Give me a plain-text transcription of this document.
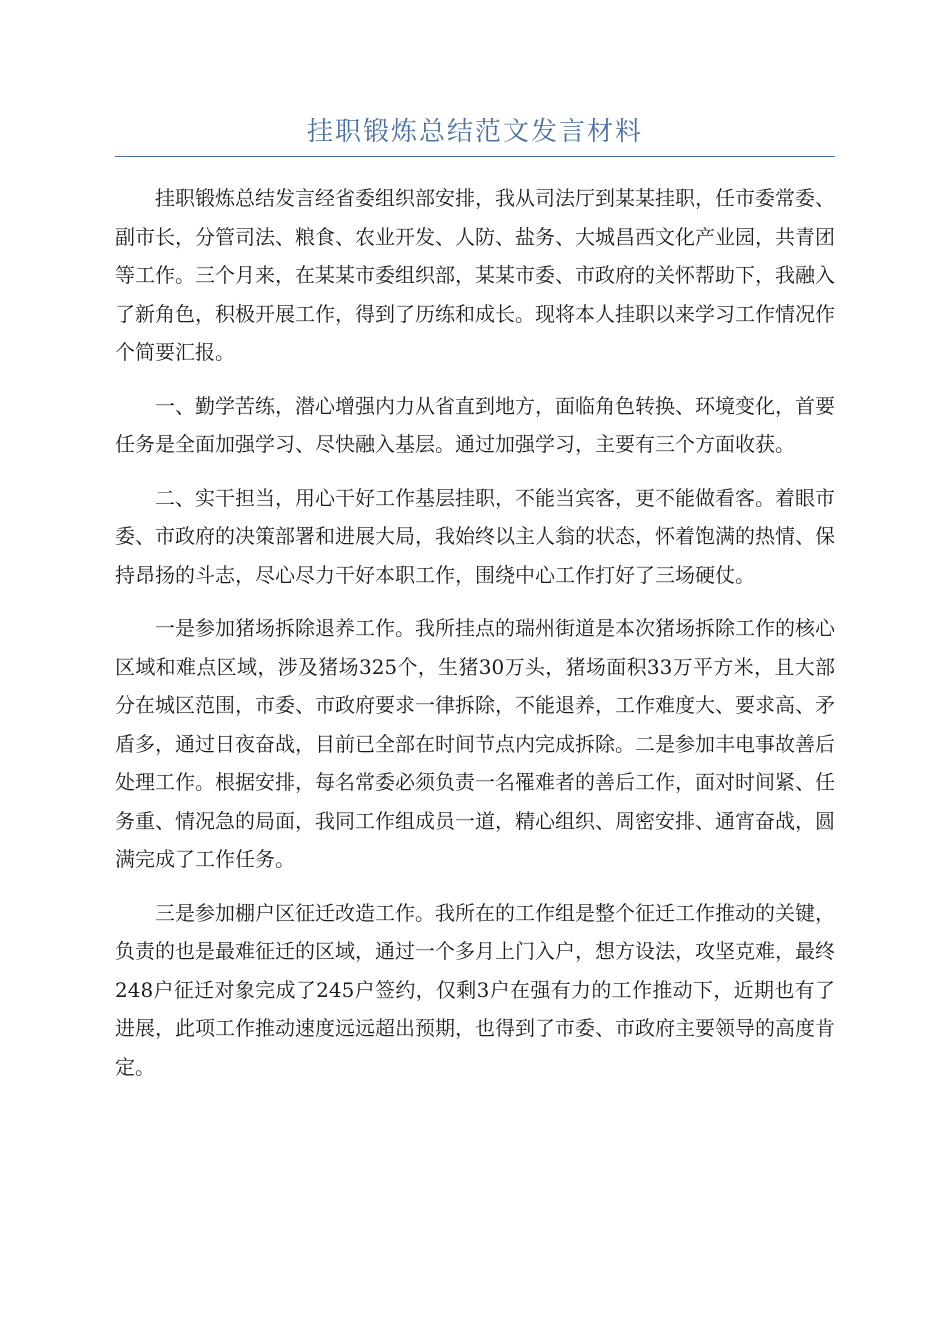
挂职锻炼总结范文发言材料

挂职锻炼总结发言经省委组织部安排，我从司法厅到某某挂职，任市委常委、副市长，分管司法、粮食、农业开发、人防、盐务、大城昌西文化产业园，共青团等工作。三个月来，在某某市委组织部，某某市委、市政府的关怀帮助下，我融入了新角色，积极开展工作，得到了历练和成长。现将本人挂职以来学习工作情况作个简要汇报。

一、勤学苦练，潜心增强内力从省直到地方，面临角色转换、环境变化，首要任务是全面加强学习、尽快融入基层。通过加强学习，主要有三个方面收获。

二、实干担当，用心干好工作基层挂职，不能当宾客，更不能做看客。着眼市委、市政府的决策部署和进展大局，我始终以主人翁的状态，怀着饱满的热情、保持昂扬的斗志，尽心尽力干好本职工作，围绕中心工作打好了三场硬仗。

一是参加猪场拆除退养工作。我所挂点的瑞州街道是本次猪场拆除工作的核心区域和难点区域，涉及猪场325个，生猪30万头，猪场面积33万平方米，且大部分在城区范围，市委、市政府要求一律拆除，不能退养，工作难度大、要求高、矛盾多，通过日夜奋战，目前已全部在时间节点内完成拆除。二是参加丰电事故善后处理工作。根据安排，每名常委必须负责一名罹难者的善后工作，面对时间紧、任务重、情况急的局面，我同工作组成员一道，精心组织、周密安排、通宵奋战，圆满完成了工作任务。

三是参加棚户区征迁改造工作。我所在的工作组是整个征迁工作推动的关键，负责的也是最难征迁的区域，通过一个多月上门入户，想方设法，攻坚克难，最终248户征迁对象完成了245户签约，仅剩3户在强有力的工作推动下，近期也有了进展，此项工作推动速度远远超出预期，也得到了市委、市政府主要领导的高度肯定。
